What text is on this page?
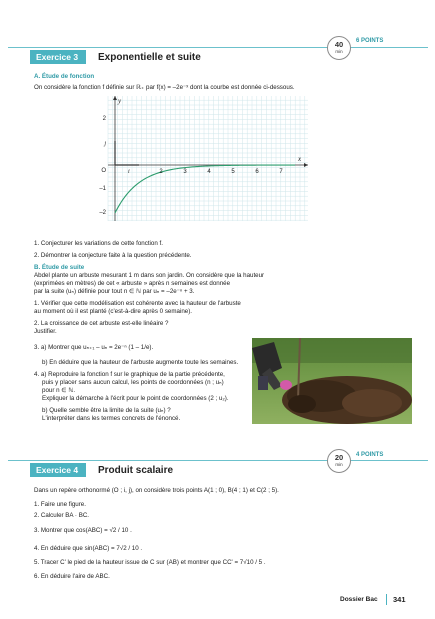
Exercice 3	Exponentielle et suite
40
min
6 POINTS
A. Étude de fonction
On considère la fonction f définie sur ℝ₊ par f(x) = –2e⁻ˣ dont la courbe est donnée ci-dessous.
y
x
2
j
O
–1
–2
i	2	3	4	5	6	7
1. Conjecturer les variations de cette fonction f.
2. Démontrer la conjecture faite à la question précédente.
B. Étude de suite
Abdel plante un arbuste mesurant 1 m dans son jardin. On considère que la hauteur
(exprimées en mètres) de cet « arbuste » après n semaines est donnée
par la suite (uₙ) définie pour tout n ∈ ℕ par uₙ = –2e⁻ⁿ + 3.
1. Vérifier que cette modélisation est cohérente avec la hauteur de l'arbuste
au moment où il est planté (c'est-à-dire après 0 semaine).
2. La croissance de cet arbuste est-elle linéaire ?
Justifier.
3. a) Montrer que uₙ₊₁ – uₙ = 2e⁻ⁿ (1 – 1/e).
b) En déduire que la hauteur de l'arbuste augmente toute les semaines.
4. a) Reproduire la fonction f sur le graphique de la partie précédente,
puis y placer sans aucun calcul, les points de coordonnées (n ; uₙ)
pour n ∈ ℕ.
Expliquer la démarche à l'écrit pour le point de coordonnées (2 ; u₂).
b) Quelle semble être la limite de la suite (uₙ) ?
L'interpréter dans les termes concrets de l'énoncé.
Exercice 4	Produit scalaire
20
min
4 POINTS
Dans un repère orthonormé (O ; i, j), on considère trois points A(1 ; 0), B(4 ; 1) et C(2 ; 5).
1. Faire une figure.
2. Calculer BA · BC.
3. Montrer que cos(ABC) = √2 / 10 .
4. En déduire que sin(ABC) = 7√2 / 10 .
5. Tracer C' le pied de la hauteur issue de C sur (AB) et montrer que CC' = 7√10 / 5 .
6. En déduire l'aire de ABC.
Dossier Bac 341
